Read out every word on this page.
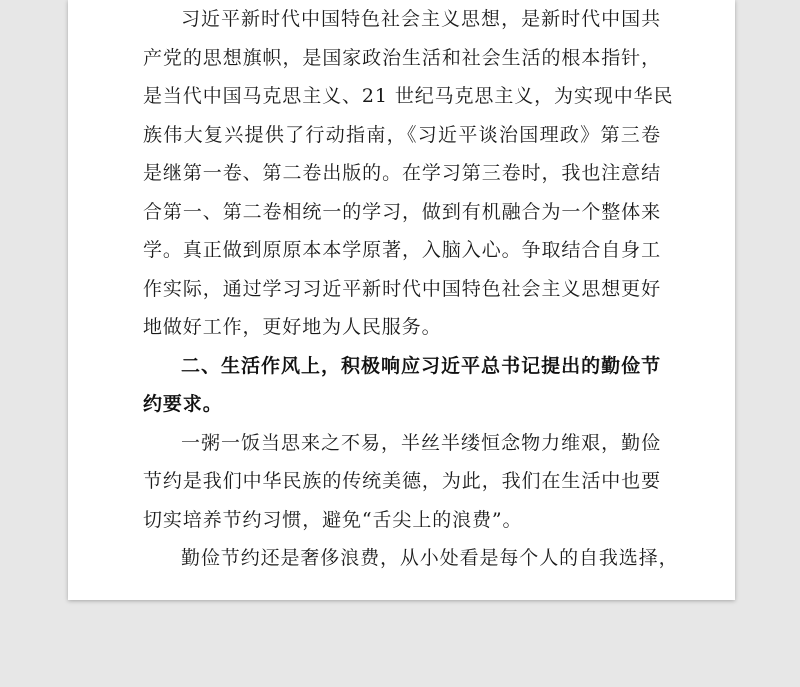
习近平新时代中国特色社会主义思想，是新时代中国共
产党的思想旗帜，是国家政治生活和社会生活的根本指针，
是当代中国马克思主义、21 世纪马克思主义，为实现中华民
族伟大复兴提供了行动指南，《习近平谈治国理政》第三卷
是继第一卷、第二卷出版的。在学习第三卷时，我也注意结
合第一、第二卷相统一的学习，做到有机融合为一个整体来
学。真正做到原原本本学原著，入脑入心。争取结合自身工
作实际，通过学习习近平新时代中国特色社会主义思想更好
地做好工作，更好地为人民服务。
二、生活作风上，积极响应习近平总书记提出的勤俭节
约要求。
一粥一饭当思来之不易，半丝半缕恒念物力维艰，勤俭
节约是我们中华民族的传统美德，为此，我们在生活中也要
切实培养节约习惯，避免“舌尖上的浪费”。
勤俭节约还是奢侈浪费，从小处看是每个人的自我选择，
